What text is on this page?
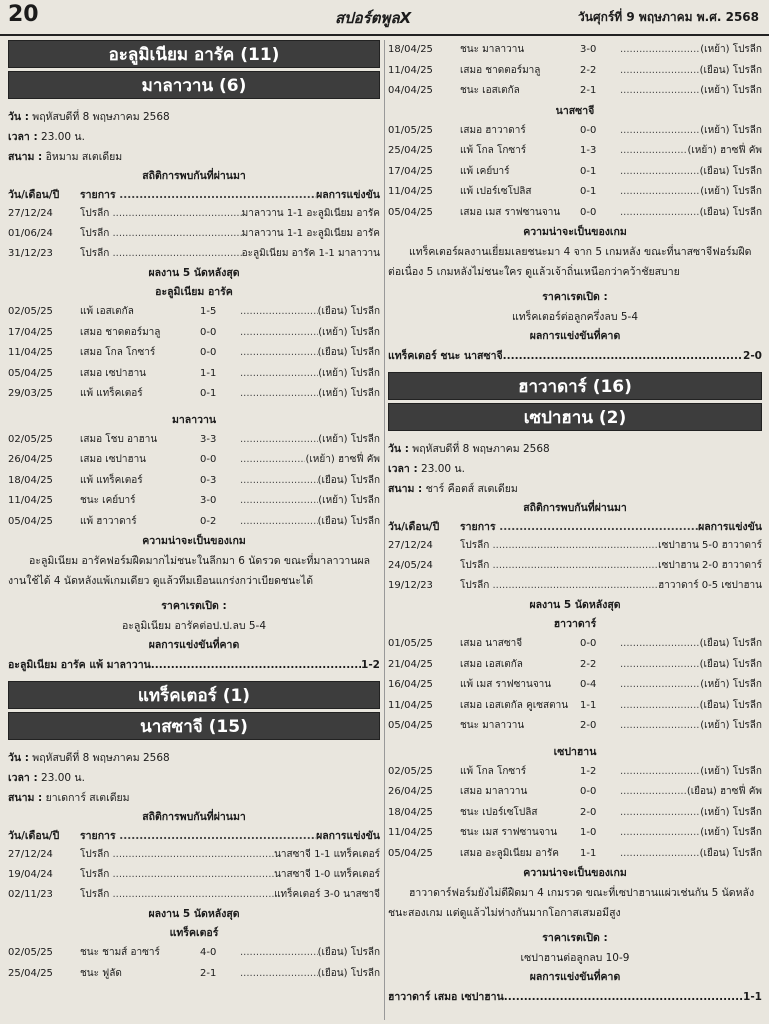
20	สปอร์ตพูลX	วันศุกร์ที่ 9 พฤษภาคม พ.ศ. 2568
อะลูมิเนียม อารัค (11)
มาลาวาน (6)
วัน : พฤหัสบดีที่ 8 พฤษภาคม 2568
เวลา : 23.00 น.
สนาม : อิหมาม สเตเดียม
สถิติการพบกันที่ผ่านมา
วัน/เดือน/ปี	รายการ .....	ผลการแข่งขัน
27/12/24	โปรลีก .....	มาลาวาน 1-1 อะลูมิเนียม อารัค
01/06/24	โปรลีก .....	มาลาวาน 1-1 อะลูมิเนียม อารัค
31/12/23	โปรลีก .....	อะลูมิเนียม อารัค 1-1 มาลาวาน
ผลงาน 5 นัดหลังสุด
อะลูมิเนียม อารัค
02/05/25	แพ้ เอสเตกัล	1-5 .....	(เยือน) โปรลีก
17/04/25	เสมอ ชาดตอร์มาลู	0-0 .....	(เหย้า) โปรลีก
11/04/25	เสมอ โกล โกซาร์	0-0 .....	(เยือน) โปรลีก
05/04/25	เสมอ เซปาฮาน	1-1 .....	(เหย้า) โปรลีก
29/03/25	แพ้ แทร็คเตอร์	0-1 .....	(เหย้า) โปรลีก
มาลาวาน
02/05/25	เสมอ โชบ อาฮาน	3-3 .....	(เหย้า) โปรลีก
26/04/25	เสมอ เซปาฮาน	0-0 .....	(เหย้า) ฮาซฟี่ คัพ
18/04/25	แพ้ แทร็คเตอร์	0-3 .....	(เยือน) โปรลีก
11/04/25	ชนะ เคย์บาร์	3-0 .....	(เหย้า) โปรลีก
05/04/25	แพ้ ฮาวาดาร์	0-2 .....	(เยือน) โปรลีก
ความน่าจะเป็นของเกม
อะลูมิเนียม อารัคฟอร์มฝืดมากไม่ชนะในลีกมา 6 นัดรวด ขณะที่มาลาวานผลงานใช้ได้ 4 นัดหลังแพ้เกมเดียว ดูแล้วทีมเยือนแกร่งกว่าเบียดชนะได้
ราคาเรตเปิด :
อะลูมิเนียม อารัคต่อป.ป.ลบ 5-4
ผลการแข่งขันที่คาด
อะลูมิเนียม อารัค แพ้ มาลาวาน .....	1-2
แทร็คเตอร์ (1)
นาสซาจี (15)
วัน : พฤหัสบดีที่ 8 พฤษภาคม 2568
เวลา : 23.00 น.
สนาม : ยาเดการ์ สเตเดียม
สถิติการพบกันที่ผ่านมา
วัน/เดือน/ปี	รายการ .....	ผลการแข่งขัน
27/12/24	โปรลีก .....	นาสซาจี 1-1 แทร็คเตอร์
19/04/24	โปรลีก .....	นาสซาจี 1-0 แทร็คเตอร์
02/11/23	โปรลีก .....	แทร็คเตอร์ 3-0 นาสซาจี
ผลงาน 5 นัดหลังสุด
แทร็คเตอร์
02/05/25	ชนะ ชามส์ อาซาร์	4-0 .....	(เยือน) โปรลีก
25/04/25	ชนะ ฟูลัด	2-1 .....	(เยือน) โปรลีก
18/04/25	ชนะ มาลาวาน	3-0 .....	(เหย้า) โปรลีก
11/04/25	เสมอ ชาดตอร์มาลู	2-2 .....	(เยือน) โปรลีก
04/04/25	ชนะ เอสเตกัล	2-1 .....	(เหย้า) โปรลีก
นาสซาจี
01/05/25	เสมอ ฮาวาดาร์	0-0 .....	(เหย้า) โปรลีก
25/04/25	แพ้ โกล โกซาร์	1-3 .....	(เหย้า) ฮาซฟี่ คัพ
17/04/25	แพ้ เคย์บาร์	0-1 .....	(เยือน) โปรลีก
11/04/25	แพ้ เปอร์เซโปลิส	0-1 .....	(เหย้า) โปรลีก
05/04/25	เสมอ เมส ราฟซานจาน	0-0 .....	(เยือน) โปรลีก
ความน่าจะเป็นของเกม
แทร็คเตอร์ผลงานเยี่ยมเลยชนะมา 4 จาก 5 เกมหลัง ขณะที่นาสซาจีฟอร์มฝืดต่อเนื่อง 5 เกมหลังไม่ชนะใคร ดูแล้วเจ้าถิ่นเหนือกว่าคว้าชัยสบาย
ราคาเรตเปิด :
แทร็คเตอร์ต่อลูกครึ่งลบ 5-4
ผลการแข่งขันที่คาด
แทร็คเตอร์ ชนะ นาสซาจี .....	2-0
ฮาวาดาร์ (16)
เซปาฮาน (2)
วัน : พฤหัสบดีที่ 8 พฤษภาคม 2568
เวลา : 23.00 น.
สนาม : ชาร์ คือตส์ สเตเดียม
สถิติการพบกันที่ผ่านมา
วัน/เดือน/ปี	รายการ .....	ผลการแข่งขัน
27/12/24	โปรลีก .....	เซปาฮาน 5-0 ฮาวาดาร์
24/05/24	โปรลีก .....	เซปาฮาน 2-0 ฮาวาดาร์
19/12/23	โปรลีก .....	ฮาวาดาร์ 0-5 เซปาฮาน
ผลงาน 5 นัดหลังสุด
ฮาวาดาร์
01/05/25	เสมอ นาสซาจี	0-0 .....	(เยือน) โปรลีก
21/04/25	เสมอ เอสเตกัล	2-2 .....	(เยือน) โปรลีก
16/04/25	แพ้ เมส ราฟซานจาน	0-4 .....	(เหย้า) โปรลีก
11/04/25	เสมอ เอสเตกัล คูเซสตาน	1-1 .....	(เยือน) โปรลีก
05/04/25	ชนะ มาลาวาน	2-0 .....	(เหย้า) โปรลีก
เซปาฮาน
02/05/25	แพ้ โกล โกซาร์	1-2 .....	(เหย้า) โปรลีก
26/04/25	เสมอ มาลาวาน	0-0 .....	(เยือน) ฮาซฟี่ คัพ
18/04/25	ชนะ เปอร์เซโปลิส	2-0 .....	(เหย้า) โปรลีก
11/04/25	ชนะ เมส ราฟซานจาน	1-0 .....	(เหย้า) โปรลีก
05/04/25	เสมอ อะลูมิเนียม อารัค	1-1 .....	(เยือน) โปรลีก
ความน่าจะเป็นของเกม
ฮาวาดาร์ฟอร์มยังไม่ดีฝืดมา 4 เกมรวด ขณะที่เซปาฮานแผ่วเช่นกัน 5 นัดหลังชนะสองเกม แต่ดูแล้วไม่ห่างกันมากโอกาสเสมอมีสูง
ราคาเรตเปิด :
เซปาฮานต่อลูกลบ 10-9
ผลการแข่งขันที่คาด
ฮาวาดาร์ เสมอ เซปาฮาน .....	1-1
